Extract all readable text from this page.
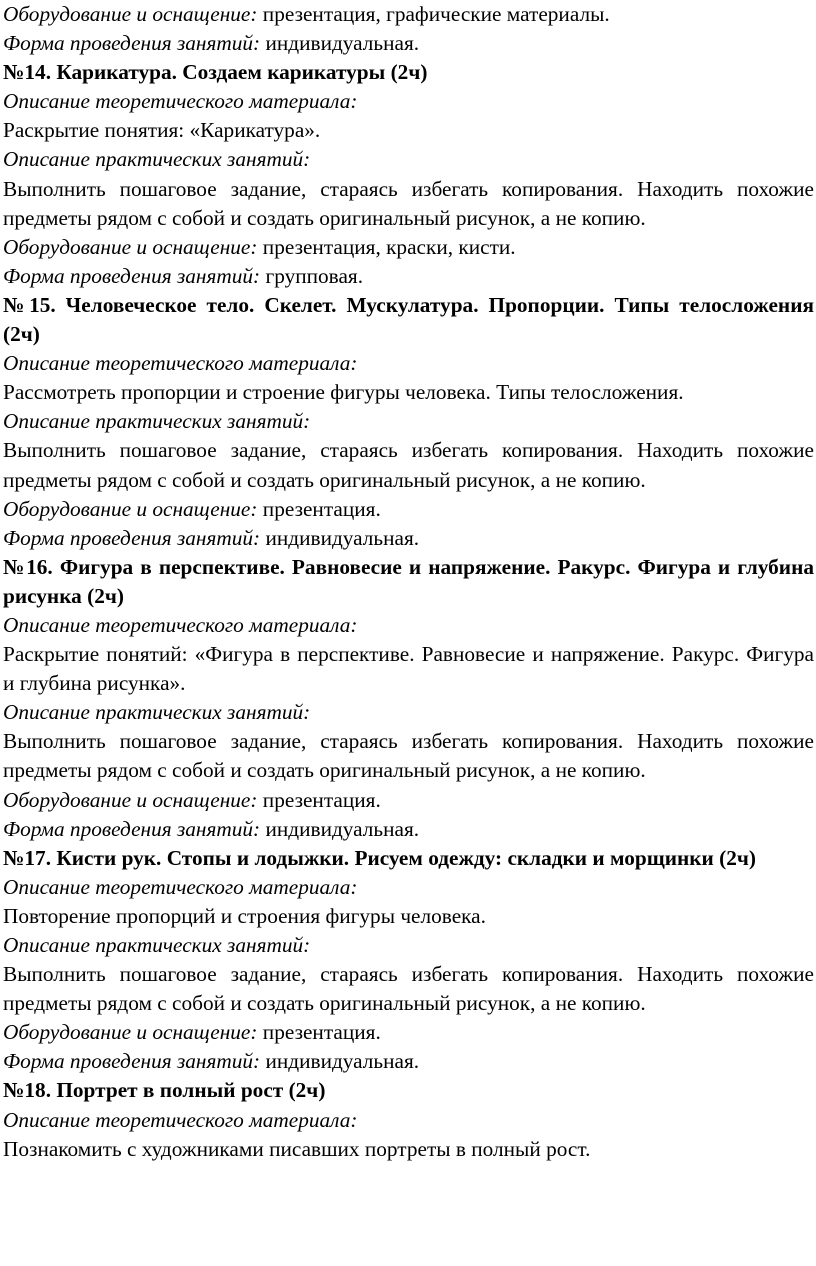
Оборудование и оснащение: презентация, графические материалы.

Форма проведения занятий: индивидуальная.

№14. Карикатура. Создаем карикатуры (2ч)

Описание теоретического материала:

Раскрытие понятия: «Карикатура».

Описание практических занятий:

Выполнить пошаговое задание, стараясь избегать копирования. Находить похожие предметы рядом с собой и создать оригинальный рисунок, а не копию.

Оборудование и оснащение: презентация, краски, кисти.

Форма проведения занятий: групповая.

№15. Человеческое тело. Скелет. Мускулатура. Пропорции. Типы телосложения (2ч)

Описание теоретического материала:

Рассмотреть пропорции и строение фигуры человека. Типы телосложения.

Описание практических занятий:

Выполнить пошаговое задание, стараясь избегать копирования. Находить похожие предметы рядом с собой и создать оригинальный рисунок, а не копию.

Оборудование и оснащение: презентация.

Форма проведения занятий: индивидуальная.

№16. Фигура в перспективе. Равновесие и напряжение. Ракурс. Фигура и глубина рисунка (2ч)

Описание теоретического материала:

Раскрытие понятий: «Фигура в перспективе. Равновесие и напряжение. Ракурс. Фигура и глубина рисунка».

Описание практических занятий:

Выполнить пошаговое задание, стараясь избегать копирования. Находить похожие предметы рядом с собой и создать оригинальный рисунок, а не копию.

Оборудование и оснащение: презентация.

Форма проведения занятий: индивидуальная.

№17. Кисти рук. Стопы и лодыжки. Рисуем одежду: складки и морщинки (2ч)

Описание теоретического материала:

Повторение пропорций и строения фигуры человека.

Описание практических занятий:

Выполнить пошаговое задание, стараясь избегать копирования. Находить похожие предметы рядом с собой и создать оригинальный рисунок, а не копию.

Оборудование и оснащение: презентация.

Форма проведения занятий: индивидуальная.

№18. Портрет в полный рост (2ч)

Описание теоретического материала:

Познакомить с художниками писавших портреты в полный рост.
